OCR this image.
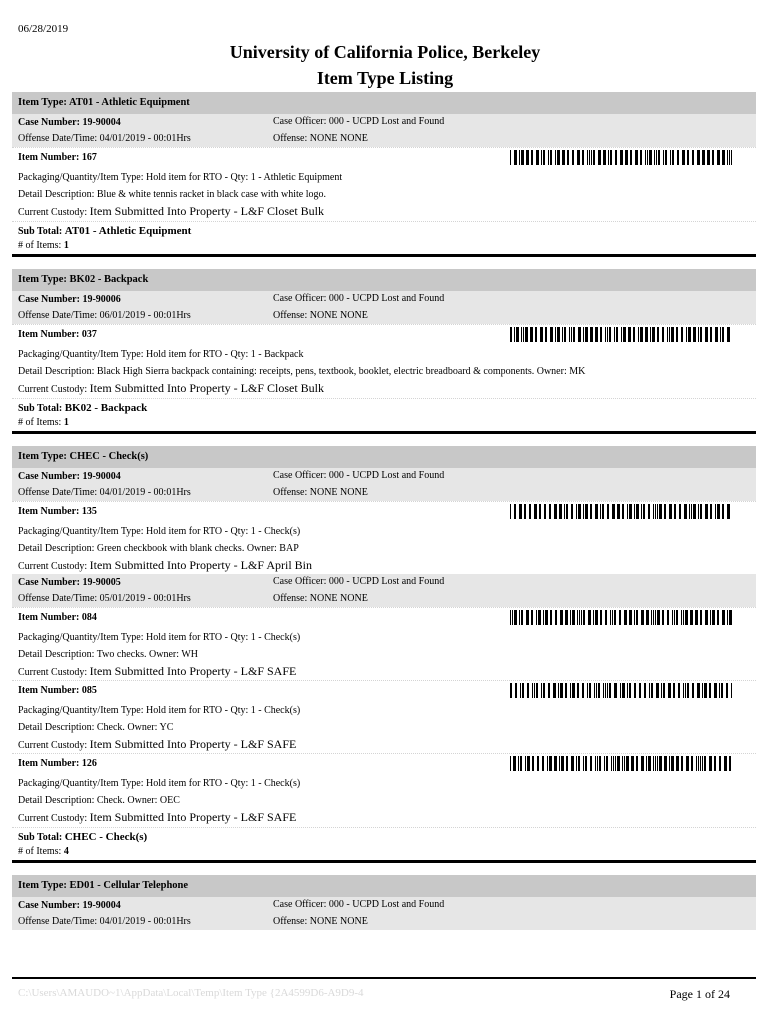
06/28/2019
University of California Police, Berkeley
Item Type Listing
Item Type: AT01 - Athletic Equipment
Case Number: 19-90004
Offense Date/Time: 04/01/2019 - 00:01Hrs
Case Officer: 000 - UCPD Lost and Found
Offense: NONE NONE
Item Number: 167
Packaging/Quantity/Item Type: Hold item for RTO - Qty: 1 - Athletic Equipment
Detail Description: Blue & white tennis racket in black case with white logo.
Current Custody: Item Submitted Into Property - L&F Closet Bulk
Sub Total: AT01 - Athletic Equipment
# of Items: 1
Item Type: BK02 - Backpack
Case Number: 19-90006
Offense Date/Time: 06/01/2019 - 00:01Hrs
Case Officer: 000 - UCPD Lost and Found
Offense: NONE NONE
Item Number: 037
Packaging/Quantity/Item Type: Hold item for RTO - Qty: 1 - Backpack
Detail Description: Black High Sierra backpack containing: receipts, pens, textbook, booklet, electric breadboard & components. Owner: MK
Current Custody: Item Submitted Into Property - L&F Closet Bulk
Sub Total: BK02 - Backpack
# of Items: 1
Item Type: CHEC - Check(s)
Case Number: 19-90004
Offense Date/Time: 04/01/2019 - 00:01Hrs
Case Officer: 000 - UCPD Lost and Found
Offense: NONE NONE
Item Number: 135
Packaging/Quantity/Item Type: Hold item for RTO - Qty: 1 - Check(s)
Detail Description: Green checkbook with blank checks. Owner: BAP
Current Custody: Item Submitted Into Property - L&F April Bin
Case Number: 19-90005
Offense Date/Time: 05/01/2019 - 00:01Hrs
Case Officer: 000 - UCPD Lost and Found
Offense: NONE NONE
Item Number: 084
Packaging/Quantity/Item Type: Hold item for RTO - Qty: 1 - Check(s)
Detail Description: Two checks. Owner: WH
Current Custody: Item Submitted Into Property - L&F SAFE
Item Number: 085
Packaging/Quantity/Item Type: Hold item for RTO - Qty: 1 - Check(s)
Detail Description: Check. Owner: YC
Current Custody: Item Submitted Into Property - L&F SAFE
Item Number: 126
Packaging/Quantity/Item Type: Hold item for RTO - Qty: 1 - Check(s)
Detail Description: Check. Owner: OEC
Current Custody: Item Submitted Into Property - L&F SAFE
Sub Total: CHEC - Check(s)
# of Items: 4
Item Type: ED01 - Cellular Telephone
Case Number: 19-90004
Offense Date/Time: 04/01/2019 - 00:01Hrs
Case Officer: 000 - UCPD Lost and Found
Offense: NONE NONE
C:\Users\AMAUDO~1\AppData\Local\Temp\Item Type {2A4599D6-A9D9-4	Page 1 of 24
